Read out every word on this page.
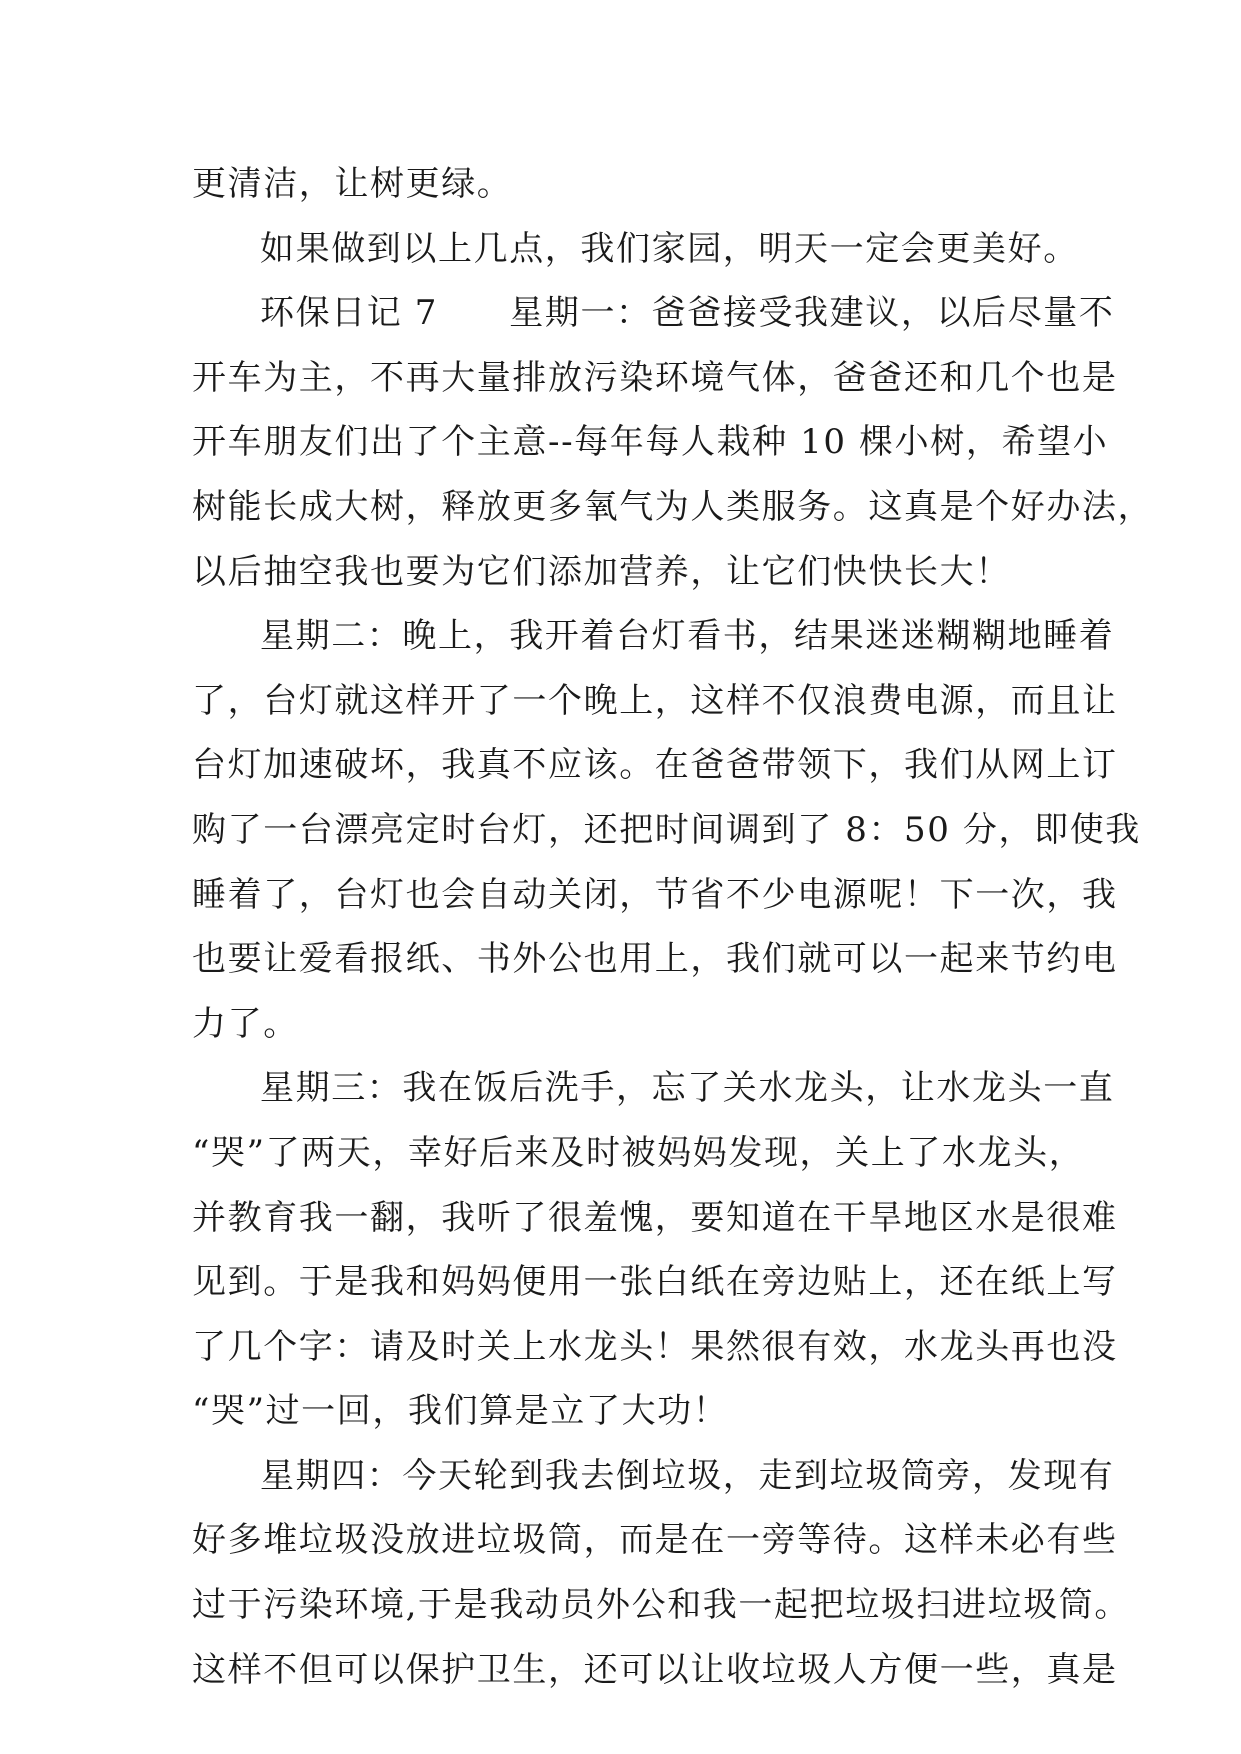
更清洁，让树更绿。
如果做到以上几点，我们家园，明天一定会更美好。
环保日记 7　　星期一：爸爸接受我建议，以后尽量不
开车为主，不再大量排放污染环境气体，爸爸还和几个也是
开车朋友们出了个主意--每年每人栽种 10 棵小树，希望小
树能长成大树，释放更多氧气为人类服务。这真是个好办法，
以后抽空我也要为它们添加营养，让它们快快长大！
星期二：晚上，我开着台灯看书，结果迷迷糊糊地睡着
了，台灯就这样开了一个晚上，这样不仅浪费电源，而且让
台灯加速破坏，我真不应该。在爸爸带领下，我们从网上订
购了一台漂亮定时台灯，还把时间调到了 8：50 分，即使我
睡着了，台灯也会自动关闭，节省不少电源呢！下一次，我
也要让爱看报纸、书外公也用上，我们就可以一起来节约电
力了。
星期三：我在饭后洗手，忘了关水龙头，让水龙头一直
“哭”了两天，幸好后来及时被妈妈发现，关上了水龙头，
并教育我一翻，我听了很羞愧，要知道在干旱地区水是很难
见到。于是我和妈妈便用一张白纸在旁边贴上，还在纸上写
了几个字：请及时关上水龙头！果然很有效，水龙头再也没
“哭”过一回，我们算是立了大功！
星期四：今天轮到我去倒垃圾，走到垃圾筒旁，发现有
好多堆垃圾没放进垃圾筒，而是在一旁等待。这样未必有些
过于污染环境,于是我动员外公和我一起把垃圾扫进垃圾筒。
这样不但可以保护卫生，还可以让收垃圾人方便一些，真是
